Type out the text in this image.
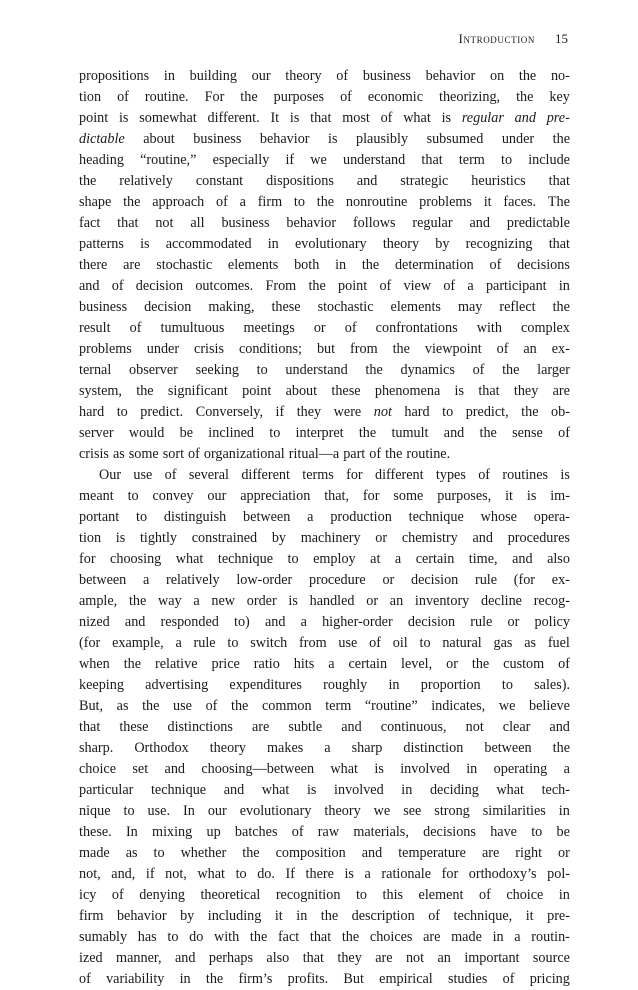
Introduction 15
propositions in building our theory of business behavior on the no-
tion of routine. For the purposes of economic theorizing, the key
point is somewhat different. It is that most of what is regular and pre-
dictable about business behavior is plausibly subsumed under the
heading “routine,” especially if we understand that term to include
the relatively constant dispositions and strategic heuristics that
shape the approach of a firm to the nonroutine problems it faces. The
fact that not all business behavior follows regular and predictable
patterns is accommodated in evolutionary theory by recognizing that
there are stochastic elements both in the determination of decisions
and of decision outcomes. From the point of view of a participant in
business decision making, these stochastic elements may reflect the
result of tumultuous meetings or of confrontations with complex
problems under crisis conditions; but from the viewpoint of an ex-
ternal observer seeking to understand the dynamics of the larger
system, the significant point about these phenomena is that they are
hard to predict. Conversely, if they were not hard to predict, the ob-
server would be inclined to interpret the tumult and the sense of
crisis as some sort of organizational ritual—a part of the routine.
Our use of several different terms for different types of routines is
meant to convey our appreciation that, for some purposes, it is im-
portant to distinguish between a production technique whose opera-
tion is tightly constrained by machinery or chemistry and procedures
for choosing what technique to employ at a certain time, and also
between a relatively low-order procedure or decision rule (for ex-
ample, the way a new order is handled or an inventory decline recog-
nized and responded to) and a higher-order decision rule or policy
(for example, a rule to switch from use of oil to natural gas as fuel
when the relative price ratio hits a certain level, or the custom of
keeping advertising expenditures roughly in proportion to sales).
But, as the use of the common term “routine” indicates, we believe
that these distinctions are subtle and continuous, not clear and
sharp. Orthodox theory makes a sharp distinction between the
choice set and choosing—between what is involved in operating a
particular technique and what is involved in deciding what tech-
nique to use. In our evolutionary theory we see strong similarities in
these. In mixing up batches of raw materials, decisions have to be
made as to whether the composition and temperature are right or
not, and, if not, what to do. If there is a rationale for orthodoxy’s pol-
icy of denying theoretical recognition to this element of choice in
firm behavior by including it in the description of technique, it pre-
sumably has to do with the fact that the choices are made in a routin-
ized manner, and perhaps also that they are not an important source
of variability in the firm’s profits. But empirical studies of pricing
